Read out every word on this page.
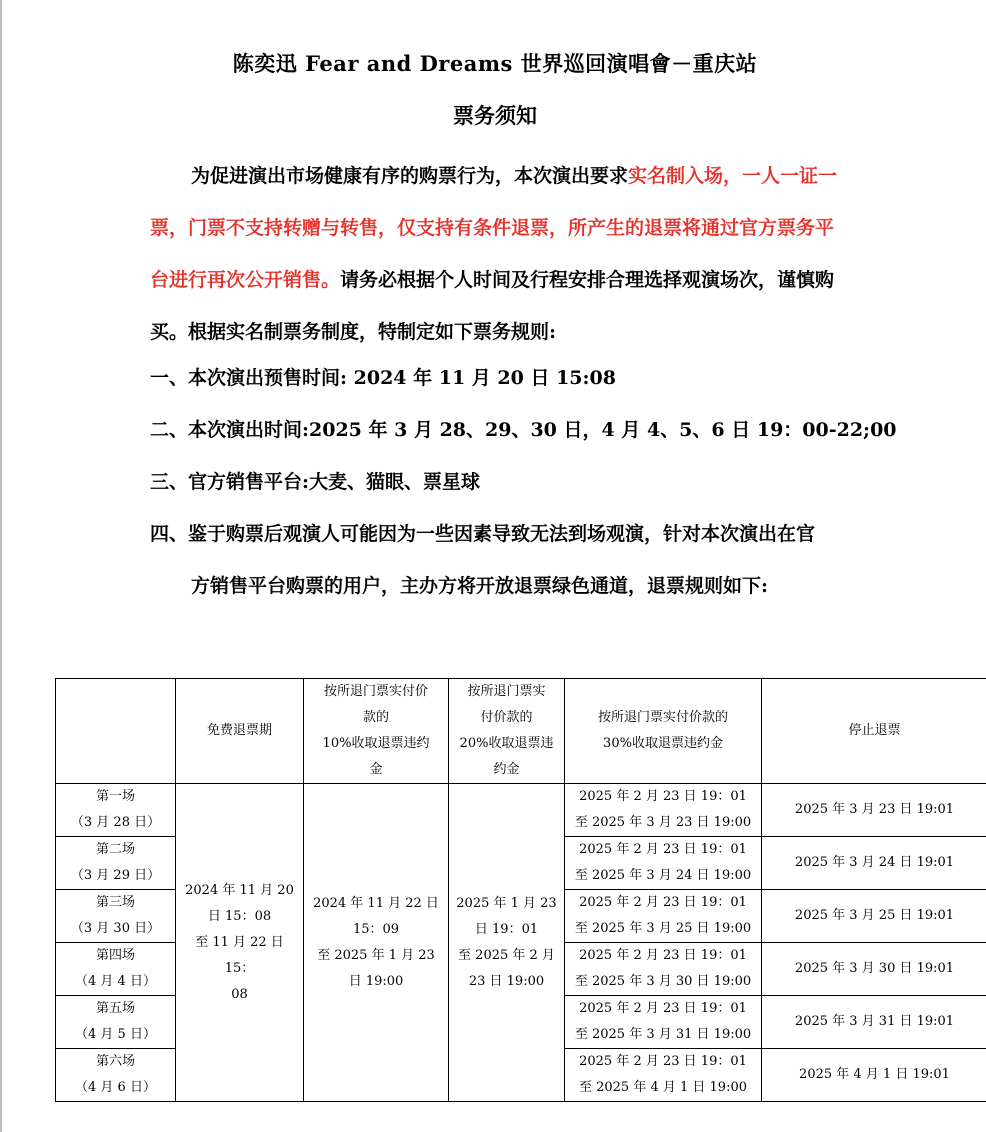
陈奕迅 Fear and Dreams 世界巡回演唱會－重庆站
票务须知
为促进演出市场健康有序的购票行为，本次演出要求实名制入场，一人一证一票，门票不支持转赠与转售，仅支持有条件退票，所产生的退票将通过官方票务平台进行再次公开销售。请务必根据个人时间及行程安排合理选择观演场次，谨慎购买。根据实名制票务制度，特制定如下票务规则:
一、本次演出预售时间: 2024 年 11 月 20 日 15:08
二、本次演出时间:2025 年 3 月 28、29、30 日，4 月 4、5、6 日 19：00-22;00
三、官方销售平台:大麦、猫眼、票星球
四、鉴于购票后观演人可能因为一些因素导致无法到场观演，针对本次演出在官
方销售平台购票的用户，主办方将开放退票绿色通道，退票规则如下:
	免费退票期	按所退门票实付价
款的
10%收取退票违约
金	按所退门票实
付价款的
20%收取退票违
约金	按所退门票实付价款的
30%收取退票违约金	停止退票
第一场
（3 月 28 日）	2024 年 11 月 20
日 15：08
至 11 月 22 日 15：
08	2024 年 11 月 22 日
15：09
至 2025 年 1 月 23
日 19:00	2025 年 1 月 23
日 19：01
至 2025 年 2 月
23 日 19:00	2025 年 2 月 23 日 19：01
至 2025 年 3 月 23 日 19:00	2025 年 3 月 23 日 19:01
第二场
（3 月 29 日）				2025 年 2 月 23 日 19：01
至 2025 年 3 月 24 日 19:00	2025 年 3 月 24 日 19:01
第三场
（3 月 30 日）				2025 年 2 月 23 日 19：01
至 2025 年 3 月 25 日 19:00	2025 年 3 月 25 日 19:01
第四场
（4 月 4 日）				2025 年 2 月 23 日 19：01
至 2025 年 3 月 30 日 19:00	2025 年 3 月 30 日 19:01
第五场
（4 月 5 日）				2025 年 2 月 23 日 19：01
至 2025 年 3 月 31 日 19:00	2025 年 3 月 31 日 19:01
第六场
（4 月 6 日）				2025 年 2 月 23 日 19：01
至 2025 年 4 月 1 日 19:00	2025 年 4 月 1 日 19:01
